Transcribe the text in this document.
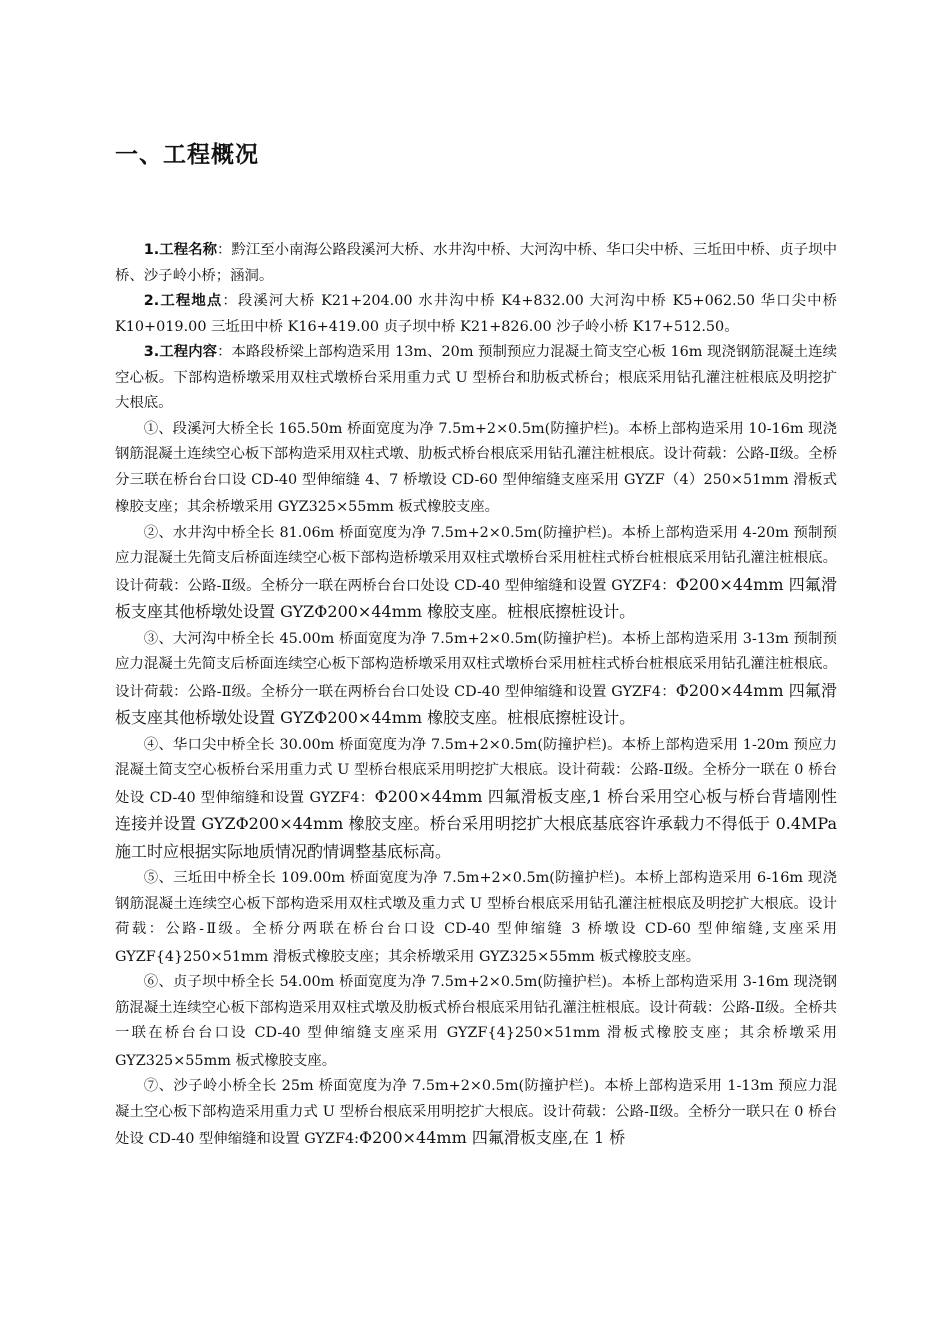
一、工程概况

1.工程名称：黔江至小南海公路段溪河大桥、水井沟中桥、大河沟中桥、华口尖中桥、三坵田中桥、贞子坝中桥、沙子岭小桥；涵洞。

2.工程地点：段溪河大桥 K21+204.00 水井沟中桥 K4+832.00 大河沟中桥 K5+062.50 华口尖中桥 K10+019.00 三坵田中桥 K16+419.00 贞子坝中桥 K21+826.00 沙子岭小桥 K17+512.50。

3.工程内容：本路段桥梁上部构造采用 13m、20m 预制预应力混凝土简支空心板 16m 现浇钢筋混凝土连续空心板。下部构造桥墩采用双柱式墩桥台采用重力式 U 型桥台和肋板式桥台；根底采用钻孔灌注桩根底及明挖扩大根底。

①、段溪河大桥全长 165.50m 桥面宽度为净 7.5m+2×0.5m(防撞护栏)。本桥上部构造采用 10-16m 现浇钢筋混凝土连续空心板下部构造采用双柱式墩、肋板式桥台根底采用钻孔灌注桩根底。设计荷载：公路-Ⅱ级。全桥分三联在桥台台口设 CD-40 型伸缩缝 4、7 桥墩设 CD-60 型伸缩缝支座采用 GYZF（4）250×51mm 滑板式橡胶支座；其余桥墩采用 GYZ325×55mm 板式橡胶支座。

②、水井沟中桥全长 81.06m 桥面宽度为净 7.5m+2×0.5m(防撞护栏)。本桥上部构造采用 4-20m 预制预应力混凝土先简支后桥面连续空心板下部构造桥墩采用双柱式墩桥台采用桩柱式桥台桩根底采用钻孔灌注桩根底。设计荷载：公路-Ⅱ级。全桥分一联在两桥台台口处设 CD-40 型伸缩缝和设置 GYZF4：Φ200×44mm 四氟滑板支座其他桥墩处设置 GYZΦ200×44mm 橡胶支座。桩根底擦桩设计。

③、大河沟中桥全长 45.00m 桥面宽度为净 7.5m+2×0.5m(防撞护栏)。本桥上部构造采用 3-13m 预制预应力混凝土先简支后桥面连续空心板下部构造桥墩采用双柱式墩桥台采用桩柱式桥台桩根底采用钻孔灌注桩根底。设计荷载：公路-Ⅱ级。全桥分一联在两桥台台口处设 CD-40 型伸缩缝和设置 GYZF4：Φ200×44mm 四氟滑板支座其他桥墩处设置 GYZΦ200×44mm 橡胶支座。桩根底擦桩设计。

④、华口尖中桥全长 30.00m 桥面宽度为净 7.5m+2×0.5m(防撞护栏)。本桥上部构造采用 1-20m 预应力混凝土简支空心板桥台采用重力式 U 型桥台根底采用明挖扩大根底。设计荷载：公路-Ⅱ级。全桥分一联在 0 桥台处设 CD-40 型伸缩缝和设置 GYZF4：Φ200×44mm 四氟滑板支座,1 桥台采用空心板与桥台背墙刚性连接并设置 GYZΦ200×44mm 橡胶支座。桥台采用明挖扩大根底基底容许承载力不得低于 0.4MPa 施工时应根据实际地质情况酌情调整基底标高。

⑤、三坵田中桥全长 109.00m 桥面宽度为净 7.5m+2×0.5m(防撞护栏)。本桥上部构造采用 6-16m 现浇钢筋混凝土连续空心板下部构造采用双柱式墩及重力式 U 型桥台根底采用钻孔灌注桩根底及明挖扩大根底。设计荷载：公路-Ⅱ级。全桥分两联在桥台台口设 CD-40 型伸缩缝 3 桥墩设 CD-60 型伸缩缝,支座采用 GYZF{4}250×51mm 滑板式橡胶支座；其余桥墩采用 GYZ325×55mm 板式橡胶支座。

⑥、贞子坝中桥全长 54.00m 桥面宽度为净 7.5m+2×0.5m(防撞护栏)。本桥上部构造采用 3-16m 现浇钢筋混凝土连续空心板下部构造采用双柱式墩及肋板式桥台根底采用钻孔灌注桩根底。设计荷载：公路-Ⅱ级。全桥共一联在桥台台口设 CD-40 型伸缩缝支座采用 GYZF{4}250×51mm 滑板式橡胶支座；其余桥墩采用 GYZ325×55mm 板式橡胶支座。

⑦、沙子岭小桥全长 25m 桥面宽度为净 7.5m+2×0.5m(防撞护栏)。本桥上部构造采用 1-13m 预应力混凝土空心板下部构造采用重力式 U 型桥台根底采用明挖扩大根底。设计荷载：公路-Ⅱ级。全桥分一联只在 0 桥台处设 CD-40 型伸缩缝和设置 GYZF4:Φ200×44mm 四氟滑板支座,在 1 桥
